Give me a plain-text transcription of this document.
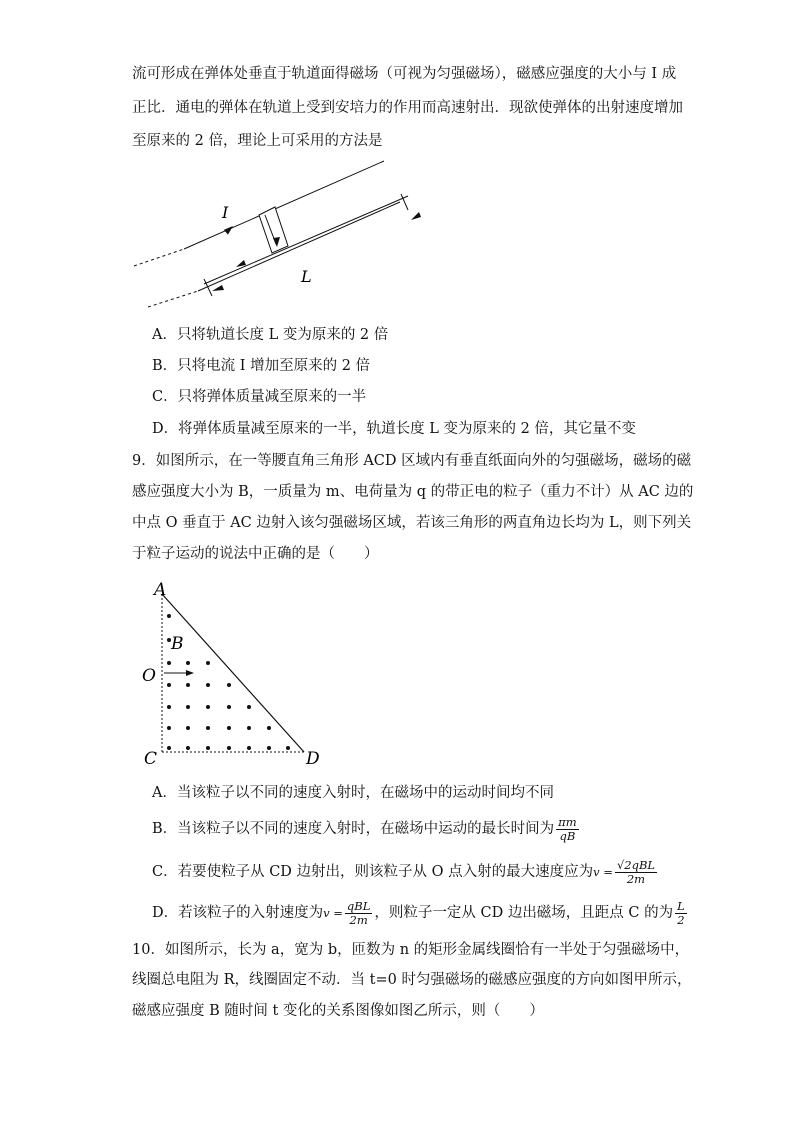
流可形成在弹体处垂直于轨道面得磁场（可视为匀强磁场），磁感应强度的大小与 I 成
正比．通电的弹体在轨道上受到安培力的作用而高速射出．现欲使弹体的出射速度增加
至原来的 2 倍，理论上可采用的方法是
I
L
A．只将轨道长度 L 变为原来的 2 倍
B．只将电流 I 增加至原来的 2 倍
C．只将弹体质量减至原来的一半
D．将弹体质量减至原来的一半，轨道长度 L 变为原来的 2 倍，其它量不变
9．如图所示，在一等腰直角三角形 ACD 区域内有垂直纸面向外的匀强磁场，磁场的磁
感应强度大小为 B，一质量为 m、电荷量为 q 的带正电的粒子（重力不计）从 AC 边的
中点 O 垂直于 AC 边射入该匀强磁场区域，若该三角形的两直角边长均为 L，则下列关
于粒子运动的说法中正确的是（　　）
A
B
O
C	D
A．当该粒子以不同的速度入射时，在磁场中的运动时间均不同
B．当该粒子以不同的速度入射时，在磁场中运动的最长时间为 $\frac{\pi m}{qB}$
C．若要使粒子从 CD 边射出，则该粒子从 O 点入射的最大速度应为$v = \frac{\text{√2qBL}}{2m}$
D．若该粒子的入射速度为$v = \frac{\text{qBL}}{2m}$ ，则粒子一定从 CD 边出磁场，且距点 C 的为 $\frac{L}{2}$
10．如图所示，长为 a，宽为 b，匝数为 n 的矩形金属线圈恰有一半处于匀强磁场中，
线圈总电阻为 R，线圈固定不动．当 t=0 时匀强磁场的磁感应强度的方向如图甲所示，
磁感应强度 B 随时间 t 变化的关系图像如图乙所示，则（　　）
